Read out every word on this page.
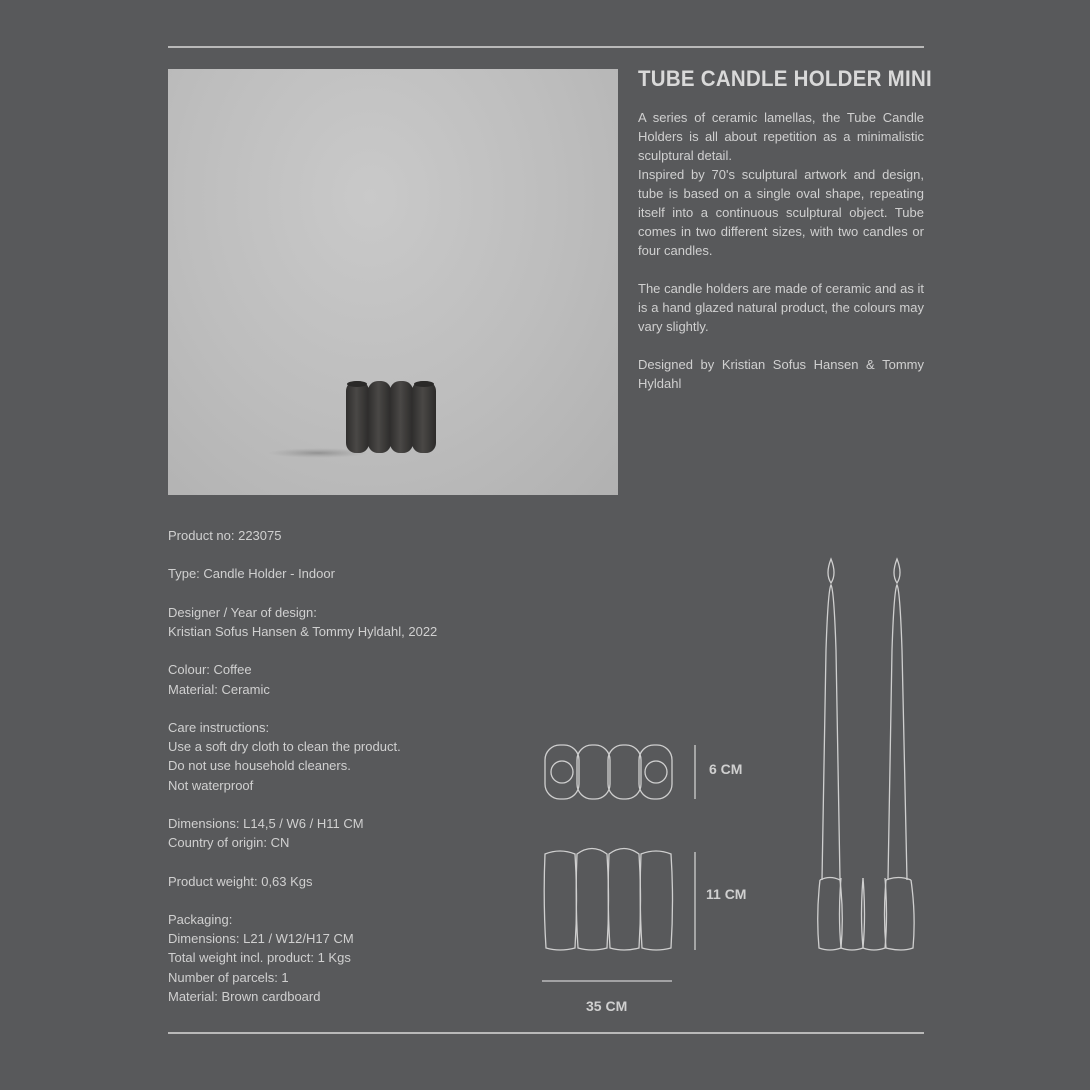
TUBE CANDLE HOLDER MINI

A series of ceramic lamellas, the Tube Candle Holders is all about repetition as a minimalistic sculptural detail.

Inspired by 70's sculptural artwork and design, tube is based on a single oval shape, repeating itself into a continuous sculptural object. Tube comes in two different sizes, with two candles or four candles.

The candle holders are made of ceramic and as it is a hand glazed natural product, the colours may vary slightly.

Designed by Kristian Sofus Hansen & Tommy Hyldahl

Product no: 223075
Type: Candle Holder - Indoor
Designer / Year of design:
Kristian Sofus Hansen & Tommy Hyldahl, 2022
Colour: Coffee
Material: Ceramic
Care instructions:
Use a soft dry cloth to clean the product.
Do not use household cleaners.
Not waterproof
Dimensions: L14,5 / W6 / H11 CM
Country of origin: CN
Product weight: 0,63 Kgs
Packaging:
Dimensions: L21 / W12/H17 CM
Total weight incl. product: 1 Kgs
Number of parcels: 1
Material: Brown cardboard
6 CM
11 CM
35 CM
